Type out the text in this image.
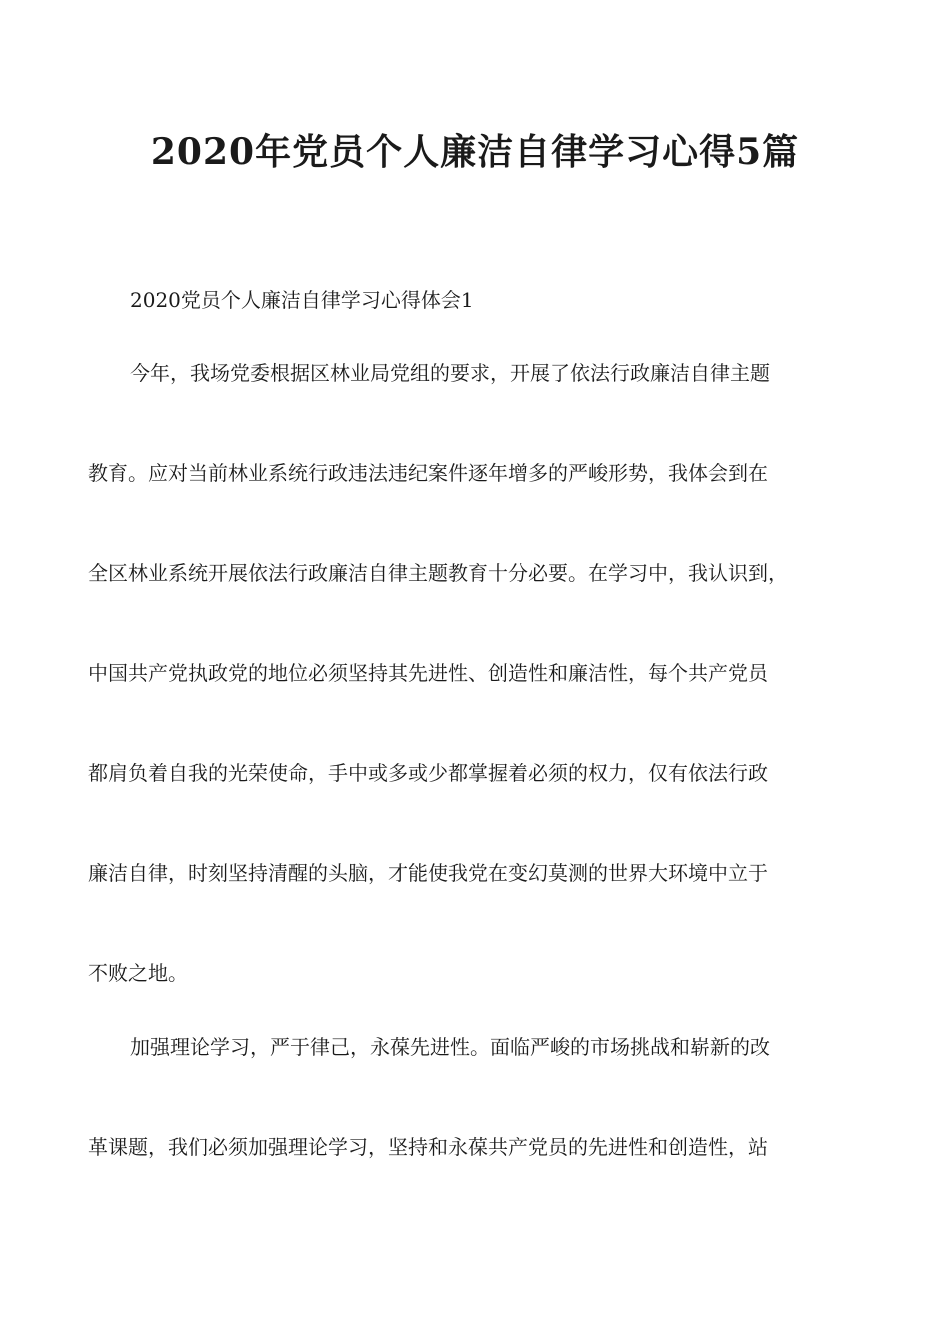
2020年党员个人廉洁自律学习心得5篇
2020党员个人廉洁自律学习心得体会1
今年，我场党委根据区林业局党组的要求，开展了依法行政廉洁自律主题
教育。应对当前林业系统行政违法违纪案件逐年增多的严峻形势，我体会到在
全区林业系统开展依法行政廉洁自律主题教育十分必要。在学习中，我认识到，
中国共产党执政党的地位必须坚持其先进性、创造性和廉洁性，每个共产党员
都肩负着自我的光荣使命，手中或多或少都掌握着必须的权力，仅有依法行政
廉洁自律，时刻坚持清醒的头脑，才能使我党在变幻莫测的世界大环境中立于
不败之地。
加强理论学习，严于律己，永葆先进性。面临严峻的市场挑战和崭新的改
革课题，我们必须加强理论学习，坚持和永葆共产党员的先进性和创造性，站
